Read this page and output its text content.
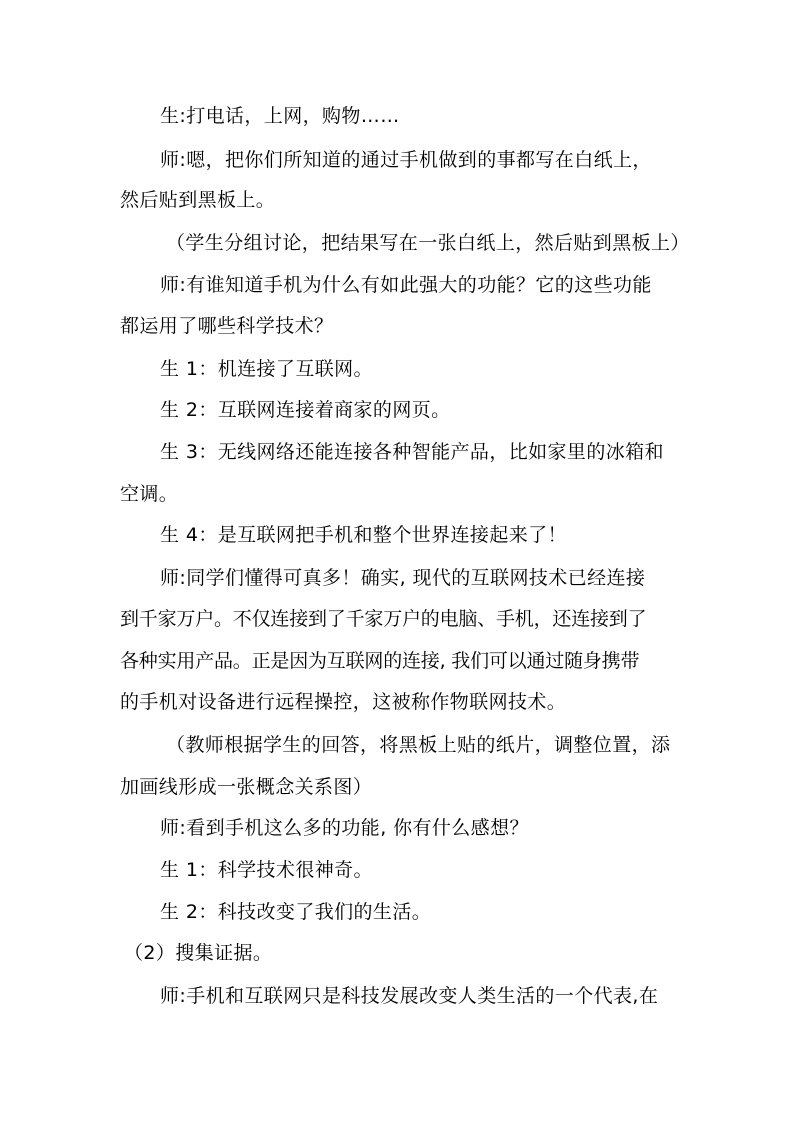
生:打电话，上网，购物……
师:嗯，把你们所知道的通过手机做到的事都写在白纸上，
然后贴到黑板上。
（学生分组讨论，把结果写在一张白纸上，然后贴到黑板上）
师:有谁知道手机为什么有如此强大的功能？它的这些功能
都运用了哪些科学技术？
生 1：机连接了互联网。
生 2：互联网连接着商家的网页。
生 3：无线网络还能连接各种智能产品，比如家里的冰箱和
空调。
生 4：是互联网把手机和整个世界连接起来了！
师:同学们懂得可真多！确实, 现代的互联网技术已经连接
到千家万户。不仅连接到了千家万户的电脑、手机，还连接到了
各种实用产品。正是因为互联网的连接, 我们可以通过随身携带
的手机对设备进行远程操控，这被称作物联网技术。
（教师根据学生的回答，将黑板上贴的纸片，调整位置，添
加画线形成一张概念关系图）
师:看到手机这么多的功能, 你有什么感想？
生 1：科学技术很神奇。
生 2：科技改变了我们的生活。
（2）搜集证据。
师:手机和互联网只是科技发展改变人类生活的一个代表,在
